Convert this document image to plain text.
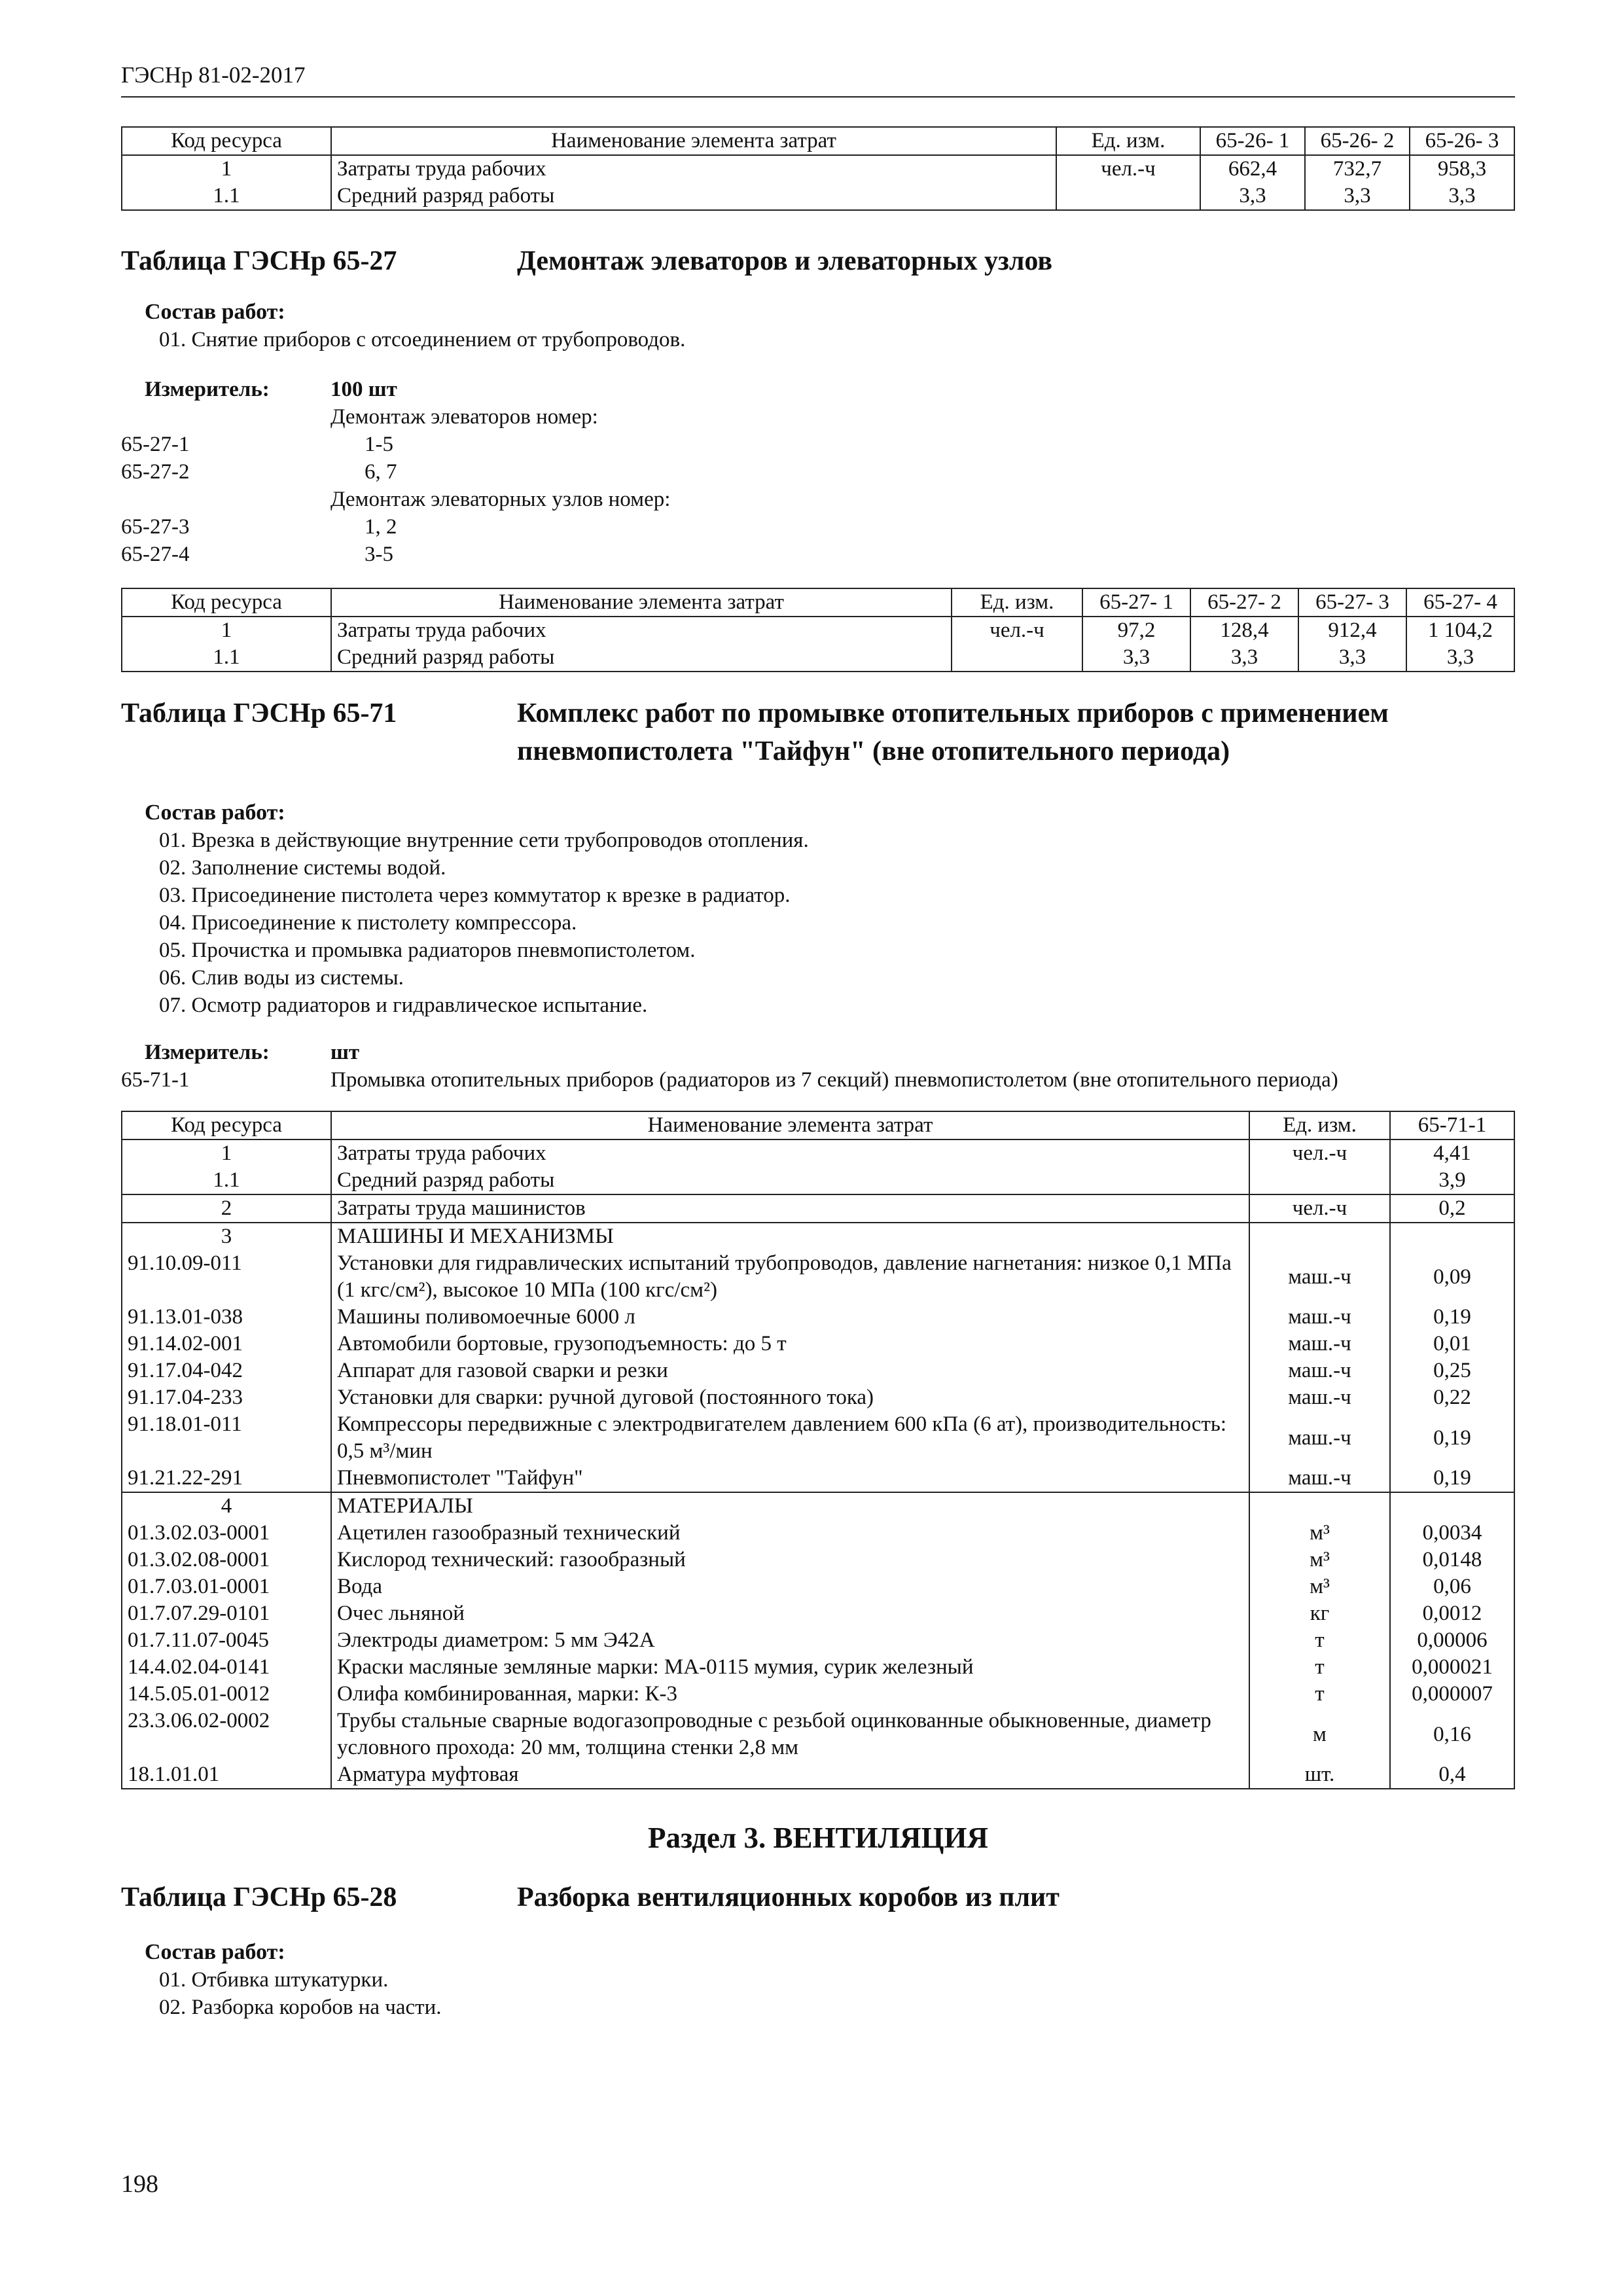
ГЭСНр 81-02-2017
Код ресурса	Наименование элемента затрат	Ед. изм.	65-26- 1	65-26- 2	65-26- 3
1	Затраты труда рабочих	чел.-ч	662,4	732,7	958,3
1.1	Средний разряд работы		3,3	3,3	3,3
Таблица ГЭСНр 65-27	Демонтаж элеваторов и элеваторных узлов
Состав работ:
01. Снятие приборов с отсоединением от трубопроводов.
Измеритель:	100 шт
Демонтаж элеваторов номер:
65-27-1	1-5
65-27-2	6, 7
Демонтаж элеваторных узлов номер:
65-27-3	1, 2
65-27-4	3-5
Код ресурса	Наименование элемента затрат	Ед. изм.	65-27- 1	65-27- 2	65-27- 3	65-27- 4
1	Затраты труда рабочих	чел.-ч	97,2	128,4	912,4	1 104,2
1.1	Средний разряд работы		3,3	3,3	3,3	3,3
Таблица ГЭСНр 65-71	Комплекс работ по промывке отопительных приборов с применением
пневмопистолета "Тайфун" (вне отопительного периода)
Состав работ:
01. Врезка в действующие внутренние сети трубопроводов отопления.
02. Заполнение системы водой.
03. Присоединение пистолета через коммутатор к врезке в радиатор.
04. Присоединение к пистолету компрессора.
05. Прочистка и промывка радиаторов пневмопистолетом.
06. Слив воды из системы.
07. Осмотр радиаторов и гидравлическое испытание.
Измеритель:	шт
65-71-1	Промывка отопительных приборов (радиаторов из 7 секций) пневмопистолетом (вне отопительного периода)
Код ресурса	Наименование элемента затрат	Ед. изм.	65-71-1
1	Затраты труда рабочих	чел.-ч	4,41
1.1	Средний разряд работы		3,9
2	Затраты труда машинистов	чел.-ч	0,2
3	МАШИНЫ И МЕХАНИЗМЫ		
91.10.09-011	Установки для гидравлических испытаний трубопроводов, давление нагнетания: низкое 0,1 МПа (1 кгс/см²), высокое 10 МПа (100 кгс/см²)	маш.-ч	0,09
91.13.01-038	Машины поливомоечные 6000 л	маш.-ч	0,19
91.14.02-001	Автомобили бортовые, грузоподъемность: до 5 т	маш.-ч	0,01
91.17.04-042	Аппарат для газовой сварки и резки	маш.-ч	0,25
91.17.04-233	Установки для сварки: ручной дуговой (постоянного тока)	маш.-ч	0,22
91.18.01-011	Компрессоры передвижные с электродвигателем давлением 600 кПа (6 ат), производительность: 0,5 м³/мин	маш.-ч	0,19
91.21.22-291	Пневмопистолет "Тайфун"	маш.-ч	0,19
4	МАТЕРИАЛЫ		
01.3.02.03-0001	Ацетилен газообразный технический	м³	0,0034
01.3.02.08-0001	Кислород технический: газообразный	м³	0,0148
01.7.03.01-0001	Вода	м³	0,06
01.7.07.29-0101	Очес льняной	кг	0,0012
01.7.11.07-0045	Электроды диаметром: 5 мм Э42А	т	0,00006
14.4.02.04-0141	Краски масляные земляные марки: МА-0115 мумия, сурик железный	т	0,000021
14.5.05.01-0012	Олифа комбинированная, марки: К-3	т	0,000007
23.3.06.02-0002	Трубы стальные сварные водогазопроводные с резьбой оцинкованные обыкновенные, диаметр условного прохода: 20 мм, толщина стенки 2,8 мм	м	0,16
18.1.01.01	Арматура муфтовая	шт.	0,4
Раздел 3. ВЕНТИЛЯЦИЯ
Таблица ГЭСНр 65-28	Разборка вентиляционных коробов из плит
Состав работ:
01. Отбивка штукатурки.
02. Разборка коробов на части.
198
